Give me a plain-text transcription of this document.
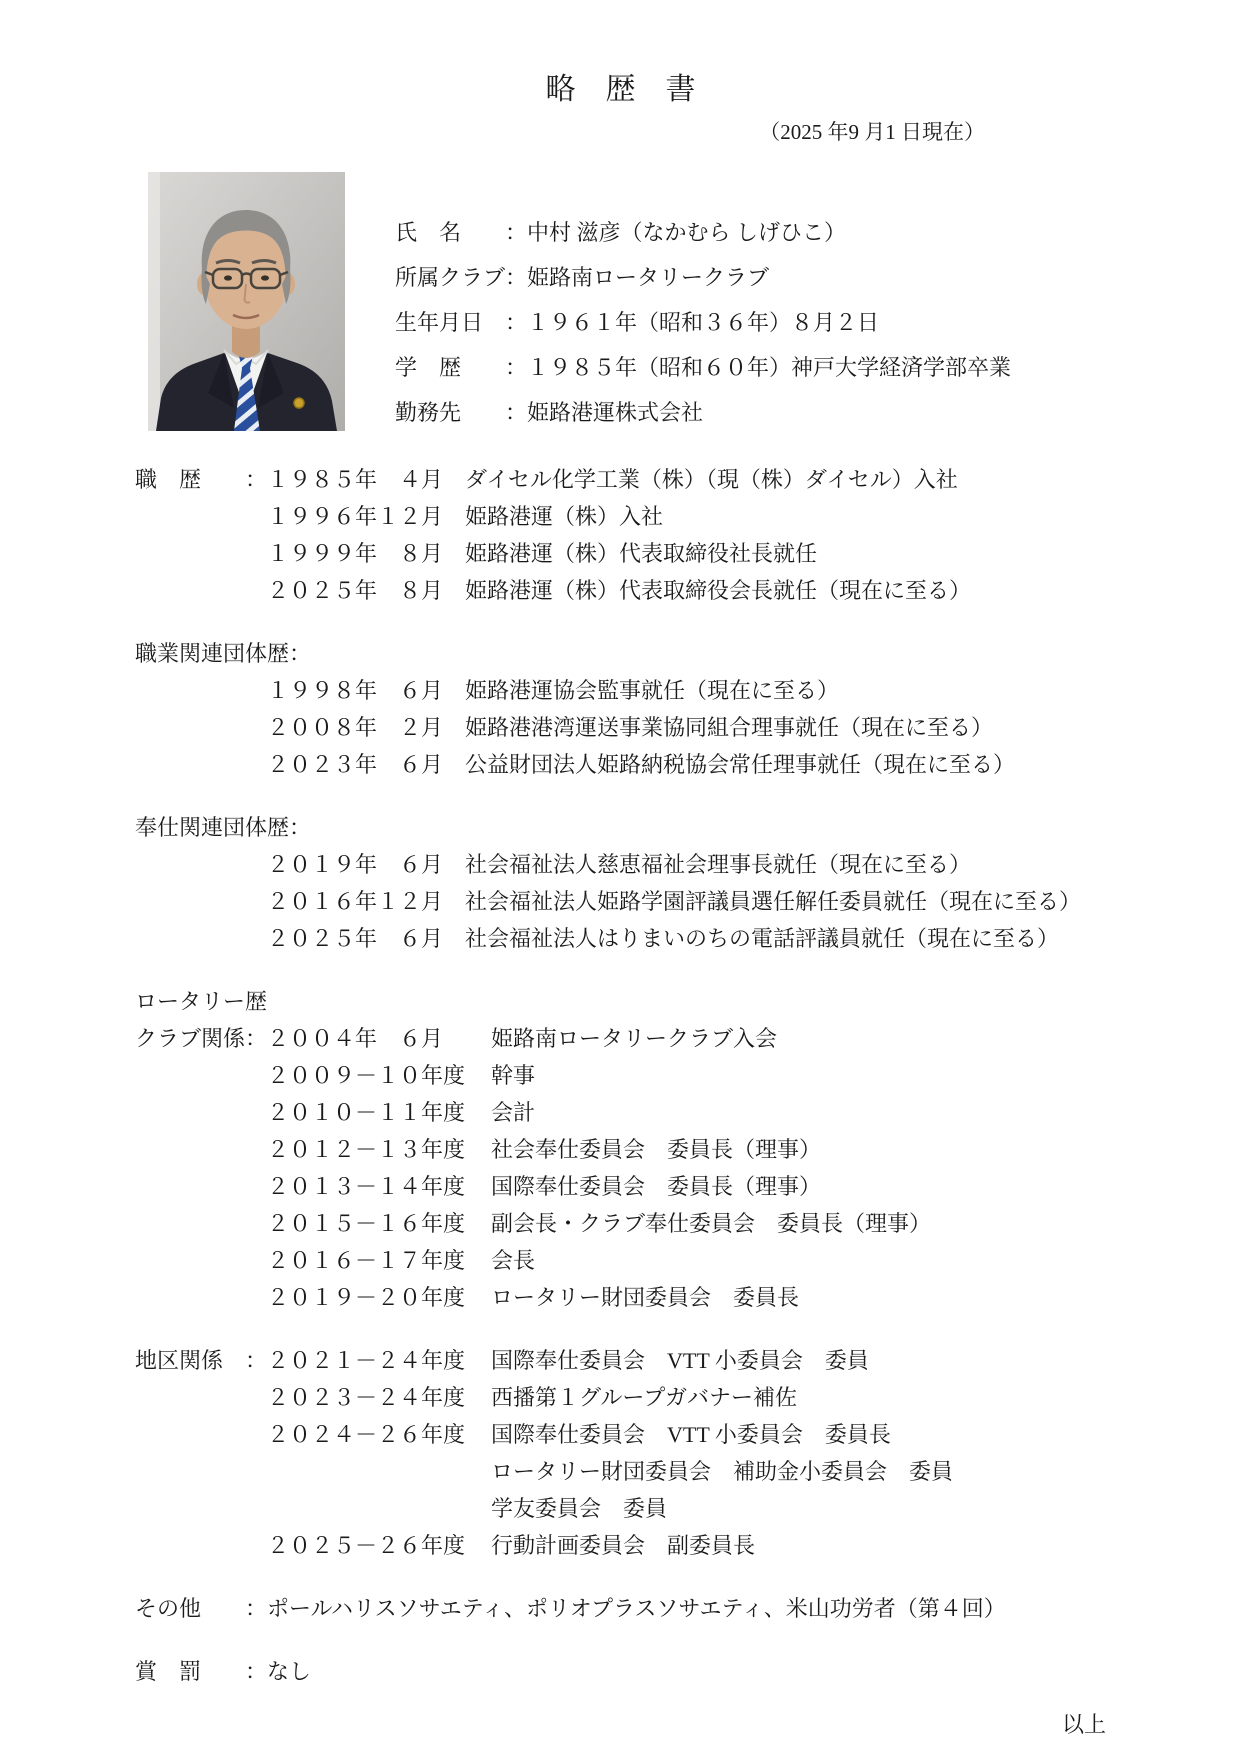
略　歴　書
（2025 年9 月1 日現在）
氏　名　　：中村 滋彦（なかむら しげひこ）
所属クラブ：姫路南ロータリークラブ
生年月日　：１９６１年（昭和３６年）８月２日
学　歴　　：１９８５年（昭和６０年）神戸大学経済学部卒業
勤務先　　：姫路港運株式会社
職　歴　　： １９８５年　４月 ダイセル化学工業（株）（現（株）ダイセル）入社
１９９６年１２月 姫路港運（株）入社
１９９９年　８月 姫路港運（株）代表取締役社長就任
２０２５年　８月 姫路港運（株）代表取締役会長就任（現在に至る）
職業関連団体歴：
１９９８年　６月 姫路港運協会監事就任（現在に至る）
２００８年　２月 姫路港港湾運送事業協同組合理事就任（現在に至る）
２０２３年　６月 公益財団法人姫路納税協会常任理事就任（現在に至る）
奉仕関連団体歴：
２０１９年　６月 社会福祉法人慈恵福祉会理事長就任（現在に至る）
２０１６年１２月 社会福祉法人姫路学園評議員選任解任委員就任（現在に至る）
２０２５年　６月 社会福祉法人はりまいのちの電話評議員就任（現在に至る）
ロータリー歴
クラブ関係： ２００４年　６月	姫路南ロータリークラブ入会
２００９－１０年度	幹事
２０１０－１１年度	会計
２０１２－１３年度	社会奉仕委員会　委員長（理事）
２０１３－１４年度	国際奉仕委員会　委員長（理事）
２０１５－１６年度	副会長・クラブ奉仕委員会　委員長（理事）
２０１６－１７年度	会長
２０１９－２０年度	ロータリー財団委員会　委員長
地区関係　： ２０２１－２４年度	国際奉仕委員会　VTT 小委員会　委員
２０２３－２４年度	西播第１グループガバナー補佐
２０２４－２６年度	国際奉仕委員会　VTT 小委員会　委員長
ロータリー財団委員会　補助金小委員会　委員
学友委員会　委員
２０２５－２６年度	行動計画委員会　副委員長
その他　　： ポールハリスソサエティ、ポリオプラスソサエティ、米山功労者（第４回）
賞　罰　　： なし
以上
